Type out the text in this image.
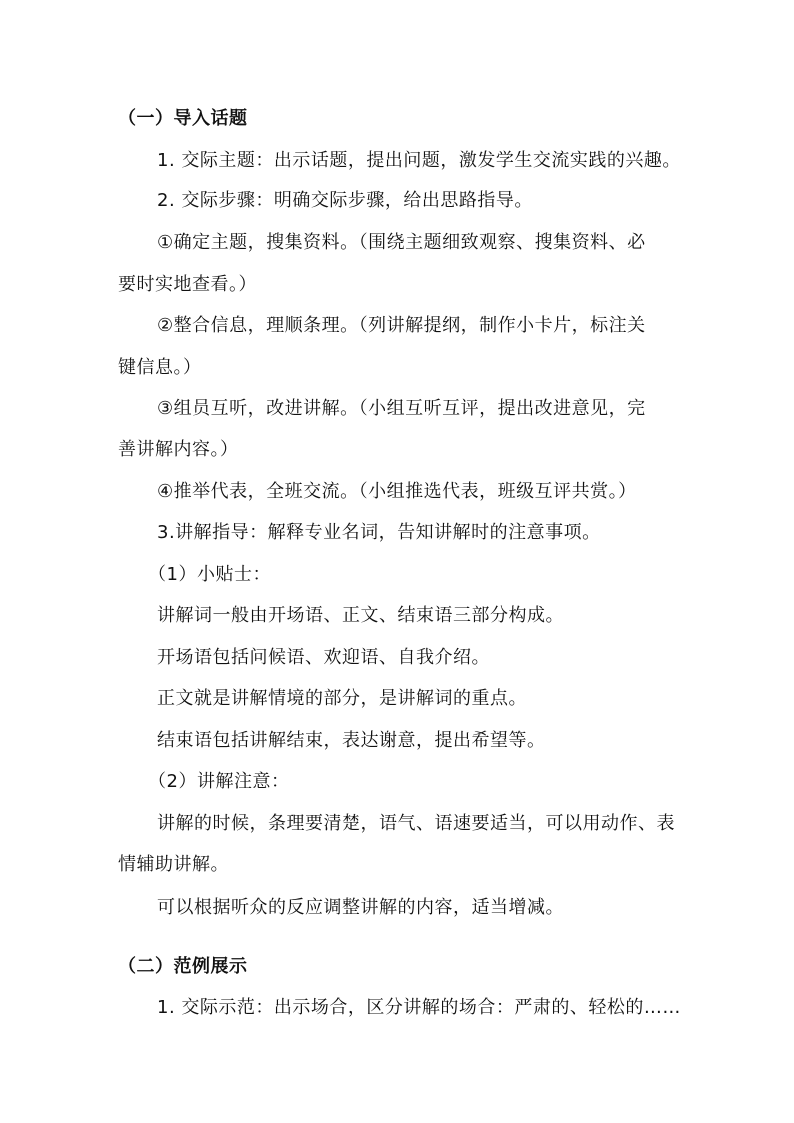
（一）导入话题
1. 交际主题：出示话题，提出问题，激发学生交流实践的兴趣。
2. 交际步骤：明确交际步骤，给出思路指导。
①确定主题，搜集资料。（围绕主题细致观察、搜集资料、必
要时实地查看。）
②整合信息，理顺条理。（列讲解提纲，制作小卡片，标注关
键信息。）
③组员互听，改进讲解。（小组互听互评，提出改进意见，完
善讲解内容。）
④推举代表，全班交流。（小组推选代表，班级互评共赏。）
3.讲解指导：解释专业名词，告知讲解时的注意事项。
（1）小贴士：
讲解词一般由开场语、正文、结束语三部分构成。
开场语包括问候语、欢迎语、自我介绍。
正文就是讲解情境的部分，是讲解词的重点。
结束语包括讲解结束，表达谢意，提出希望等。
（2）讲解注意：
讲解的时候，条理要清楚，语气、语速要适当，可以用动作、表
情辅助讲解。
可以根据听众的反应调整讲解的内容，适当增减。
（二）范例展示
1. 交际示范：出示场合，区分讲解的场合：严肃的、轻松的……
